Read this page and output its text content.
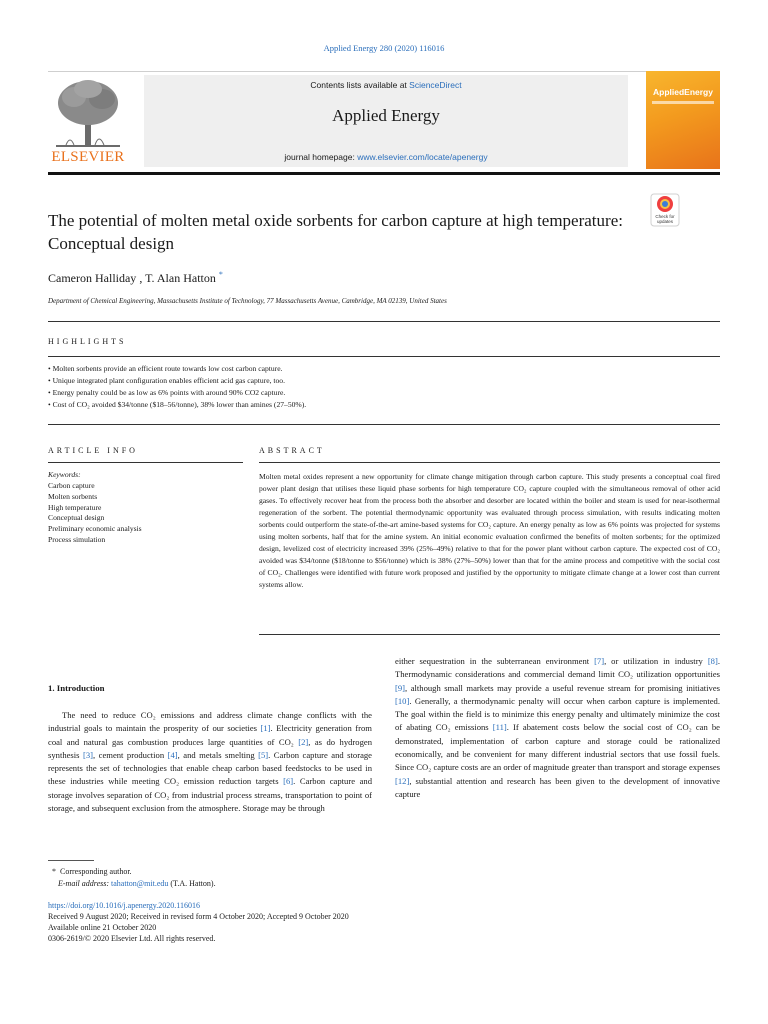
Applied Energy 280 (2020) 116016
ELSEVIER
Contents lists available at ScienceDirect
Applied Energy
journal homepage: www.elsevier.com/locate/apenergy
AppliedEnergy
The potential of molten metal oxide sorbents for carbon capture at high temperature: Conceptual design
Check for
updates
Cameron Halliday , T. Alan Hatton *
Department of Chemical Engineering, Massachusetts Institute of Technology, 77 Massachusetts Avenue, Cambridge, MA 02139, United States
HIGHLIGHTS
• Molten sorbents provide an efficient route towards low cost carbon capture.
• Unique integrated plant configuration enables efficient acid gas capture, too.
• Energy penalty could be as low as 6% points with around 90% CO2 capture.
• Cost of CO₂ avoided $34/tonne ($18–56/tonne), 38% lower than amines (27–50%).
ARTICLE INFO	ABSTRACT
Keywords:
Carbon capture
Molten sorbents
High temperature
Conceptual design
Preliminary economic analysis
Process simulation

Molten metal oxides represent a new opportunity for climate change mitigation through carbon capture. This study presents a conceptual coal fired power plant design that utilises these liquid phase sorbents for high temperature CO₂ capture coupled with the simultaneous removal of other acid gases. To effectively recover heat from the process both the absorber and desorber are located within the boiler and steam is used for near-isothermal regeneration of the sorbent. The potential thermodynamic opportunity was evaluated through process simulation, with results indicating molten sorbents could outperform the state-of-the-art amine-based systems for CO₂ capture. An energy penalty as low as 6% points was projected for systems using molten sorbents, half that for the amine system. An initial economic evaluation confirmed the benefits of molten sorbents; for the optimized design, levelized cost of electricity increased 39% (25%–49%) relative to that for the power plant without carbon capture. The expected cost of CO₂ avoided was $34/tonne ($18/tonne to $56/tonne) which is 38% (27%–50%) lower than that for the amine process and competitive with the social cost of CO₂. Challenges were identified with future work proposed and justified by the opportunity to mitigate climate change at a lower cost than current systems allow.

1. Introduction

The need to reduce CO₂ emissions and address climate change conflicts with the industrial goals to maintain the prosperity of our societies [1]. Electricity generation from coal and natural gas combustion produces large quantities of CO₂ [2], as do hydrogen synthesis [3], cement production [4], and metals smelting [5]. Carbon capture and storage represents the set of technologies that enable cheap carbon based feedstocks to be used in these industries while meeting CO₂ emission reduction targets [6]. Carbon capture and storage involves separation of CO₂ from industrial process streams, transportation to point of storage, and subsequent exclusion from the atmosphere. Storage may be through

either sequestration in the subterranean environment [7], or utilization in industry [8]. Thermodynamic considerations and commercial demand limit CO₂ utilization opportunities [9], although small markets may provide a useful revenue stream for promising initiatives [10]. Generally, a thermodynamic penalty will occur when carbon capture is implemented. The goal within the field is to minimize this energy penalty and ultimately minimize the cost of abating CO₂ emissions [11]. If abatement costs below the social cost of CO₂ can be demonstrated, implementation of carbon capture and storage could be rationalized economically, and be convenient for many different industrial sectors that use fossil fuels. Since CO₂ capture costs are an order of magnitude greater than transport and storage expenses [12], substantial attention and research has been given to the development of innovative capture

* Corresponding author.
E-mail address: tahatton@mit.edu (T.A. Hatton).
https://doi.org/10.1016/j.apenergy.2020.116016
Received 9 August 2020; Received in revised form 4 October 2020; Accepted 9 October 2020
Available online 21 October 2020
0306-2619/© 2020 Elsevier Ltd. All rights reserved.
